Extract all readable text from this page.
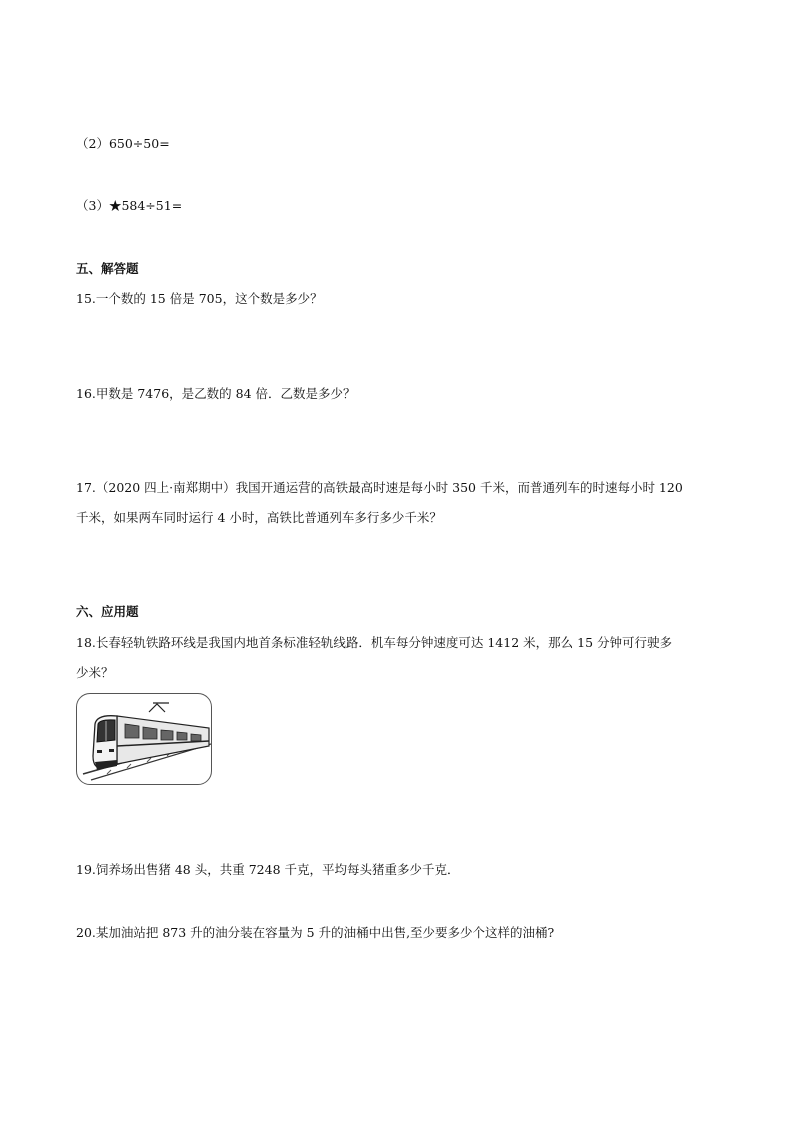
（2）650÷50=
（3）★584÷51=
五、解答题
15.一个数的 15 倍是 705，这个数是多少？
16.甲数是 7476，是乙数的 84 倍．乙数是多少？
17.（2020 四上·南郑期中）我国开通运营的高铁最高时速是每小时 350 千米，而普通列车的时速每小时 120
千米，如果两车同时运行 4 小时，高铁比普通列车多行多少千米？
六、应用题
18.长春轻轨铁路环线是我国内地首条标准轻轨线路．机车每分钟速度可达 1412 米，那么 15 分钟可行驶多
少米？
19.饲养场出售猪 48 头，共重 7248 千克，平均每头猪重多少千克．
20.某加油站把 873 升的油分装在容量为 5 升的油桶中出售,至少要多少个这样的油桶?
